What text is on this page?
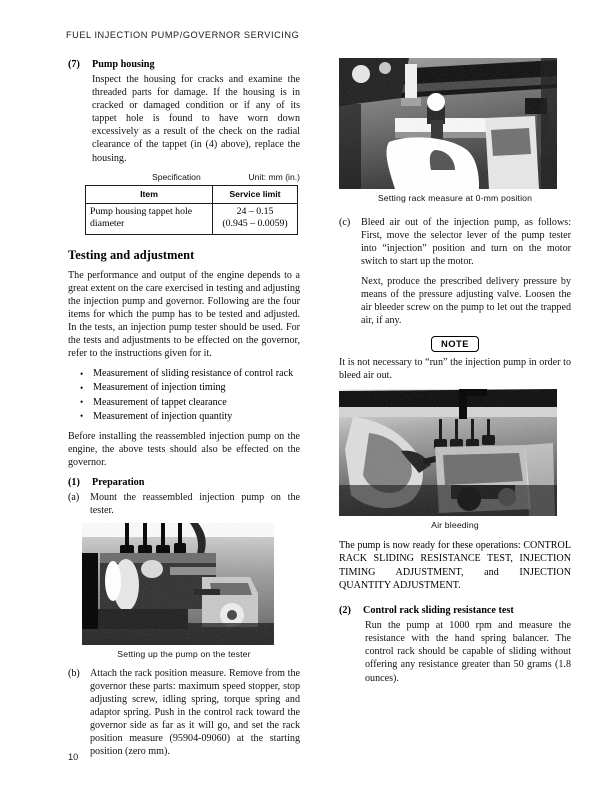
FUEL INJECTION PUMP/GOVERNOR SERVICING
(7)	Pump housing

Inspect the housing for cracks and examine the threaded parts for damage. If the housing is in cracked or damaged condition or if any of its tappet hole is found to have worn down excessively as a result of the check on the radial clearance of the tappet (in (4) above), replace the housing.

Specification	Unit: mm (in.)
Item	Service limit
Pump housing tappet hole diameter	24 – 0.15
(0.945 – 0.0059)
Testing and adjustment

The performance and output of the engine depends to a great extent on the care exercised in testing and adjusting the injection pump and governor. Following are the four items for which the pump has to be tested and adjusted. In the tests, an injection pump tester should be used. For the tests and adjustments to be effected on the governor, refer to the instructions given for it.

• Measurement of sliding resistance of control rack
• Measurement of injection timing
• Measurement of tappet clearance
• Measurement of injection quantity

Before installing the reassembled injection pump on the engine, the above tests should also be effected on the governor.

(1)	Preparation
(a)	Mount the reassembled injection pump on the tester.
Setting up the pump on the tester
(b)	Attach the rack position measure. Remove from the governor these parts: maximum speed stopper, stop adjusting screw, idling spring, torque spring and adaptor spring. Push in the control rack toward the governor side as far as it will go, and set the rack position measure (95904-09060) at the starting position (zero mm).
Setting rack measure at 0-mm position
(c)	Bleed air out of the injection pump, as follows: First, move the selector lever of the pump tester into “injection” position and turn on the motor switch to start up the motor.

Next, produce the prescribed delivery pressure by means of the pressure adjusting valve. Loosen the air bleeder screw on the pump to let out the trapped air, if any.

NOTE

It is not necessary to “run” the injection pump in order to bleed air out.

Air bleeding

The pump is now ready for these operations: CONTROL RACK SLIDING RESISTANCE TEST, INJECTION TIMING ADJUSTMENT, and INJECTION QUANTITY ADJUSTMENT.

(2)	Control rack sliding resistance test

Run the pump at 1000 rpm and measure the resistance with the hand spring balancer. The control rack should be capable of sliding without offering any resistance greater than 50 grams (1.8 ounces).

10
